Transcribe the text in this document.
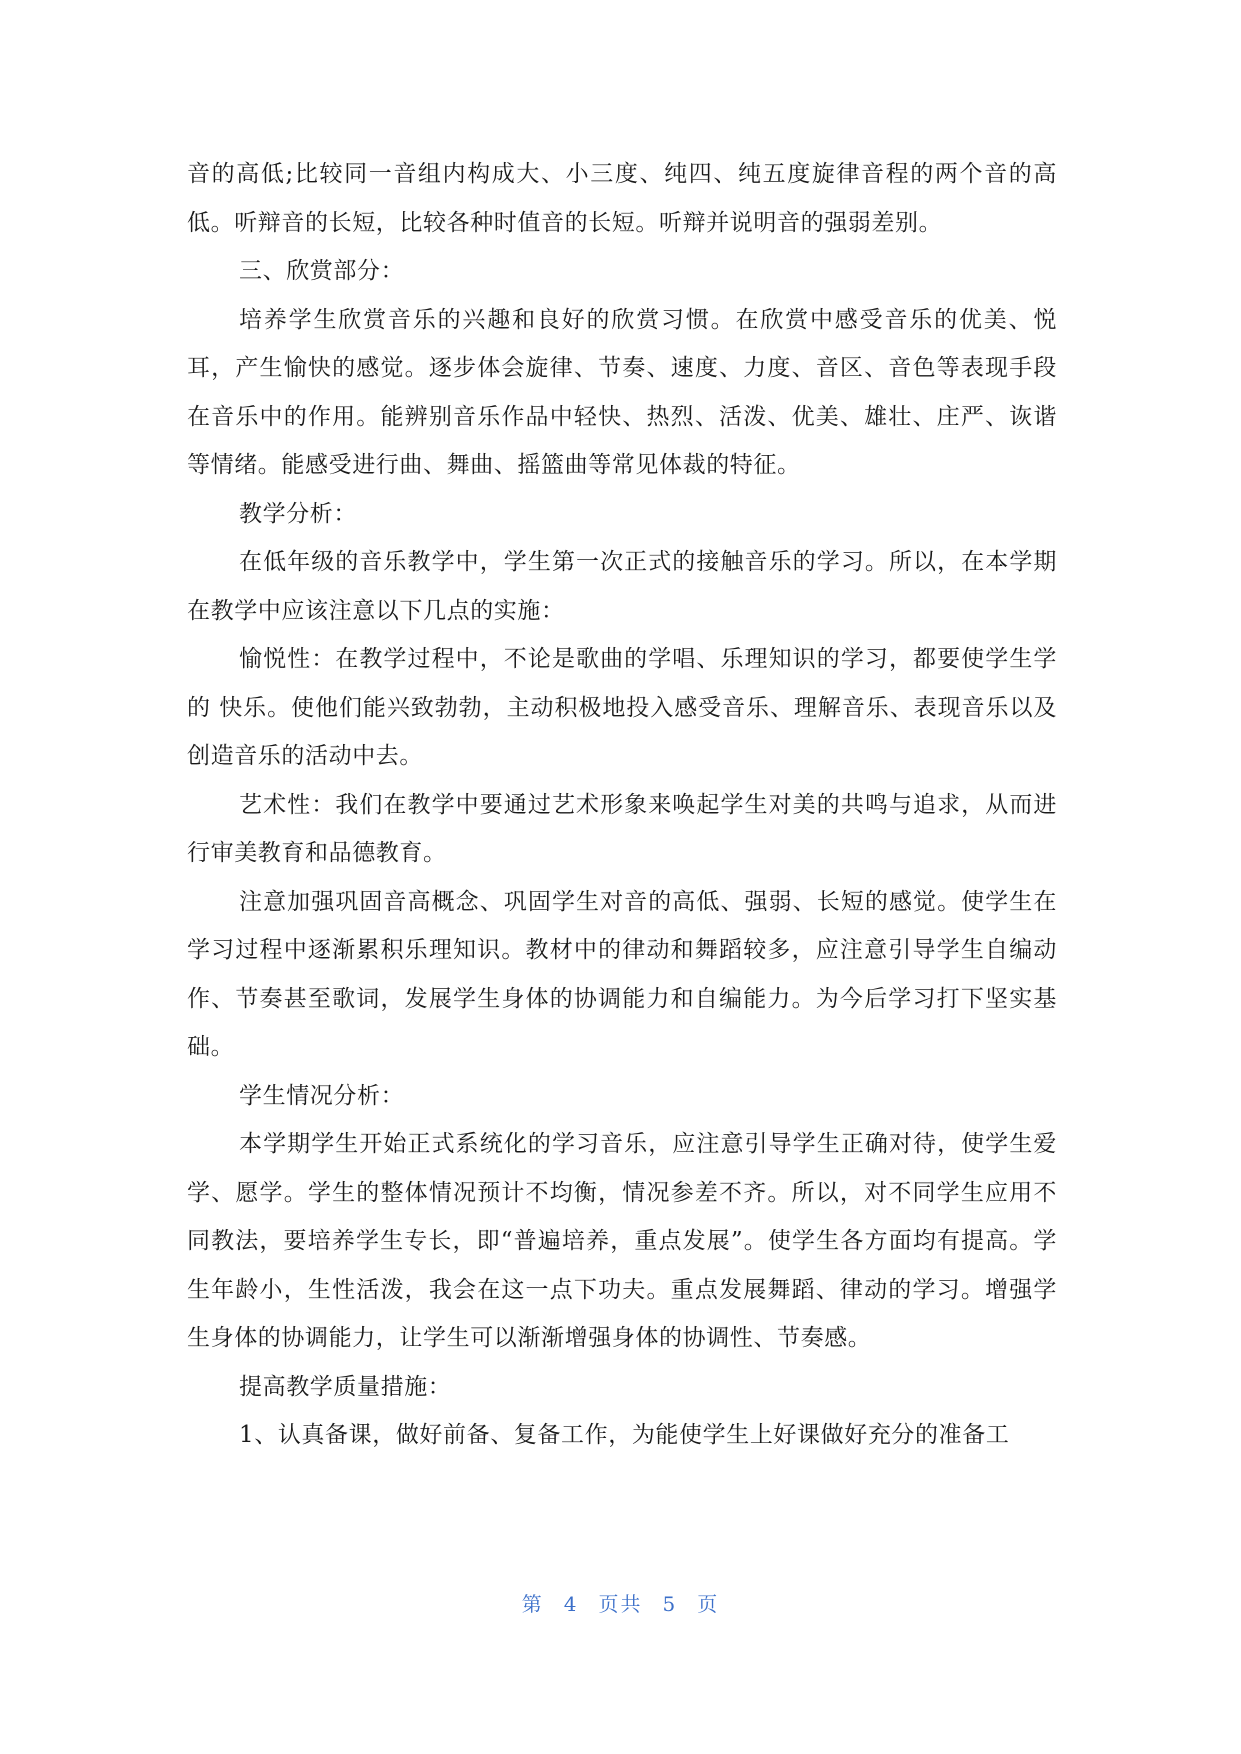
音的高低;比较同一音组内构成大、小三度、纯四、纯五度旋律音程的两个音的高低。听辩音的长短，比较各种时值音的长短。听辩并说明音的强弱差别。

三、欣赏部分：

培养学生欣赏音乐的兴趣和良好的欣赏习惯。在欣赏中感受音乐的优美、悦耳，产生愉快的感觉。逐步体会旋律、节奏、速度、力度、音区、音色等表现手段在音乐中的作用。能辨别音乐作品中轻快、热烈、活泼、优美、雄壮、庄严、诙谐等情绪。能感受进行曲、舞曲、摇篮曲等常见体裁的特征。

教学分析：

在低年级的音乐教学中，学生第一次正式的接触音乐的学习。所以，在本学期在教学中应该注意以下几点的实施：

愉悦性：在教学过程中，不论是歌曲的学唱、乐理知识的学习，都要使学生学的 快乐。使他们能兴致勃勃，主动积极地投入感受音乐、理解音乐、表现音乐以及创造音乐的活动中去。

艺术性：我们在教学中要通过艺术形象来唤起学生对美的共鸣与追求，从而进行审美教育和品德教育。

注意加强巩固音高概念、巩固学生对音的高低、强弱、长短的感觉。使学生在学习过程中逐渐累积乐理知识。教材中的律动和舞蹈较多，应注意引导学生自编动作、节奏甚至歌词，发展学生身体的协调能力和自编能力。为今后学习打下坚实基础。

学生情况分析：

本学期学生开始正式系统化的学习音乐，应注意引导学生正确对待，使学生爱学、愿学。学生的整体情况预计不均衡，情况参差不齐。所以，对不同学生应用不同教法，要培养学生专长，即“普遍培养，重点发展”。使学生各方面均有提高。学生年龄小，生性活泼，我会在这一点下功夫。重点发展舞蹈、律动的学习。增强学生身体的协调能力，让学生可以渐渐增强身体的协调性、节奏感。

提高教学质量措施：

1、认真备课，做好前备、复备工作，为能使学生上好课做好充分的准备工

第 4 页共 5 页
